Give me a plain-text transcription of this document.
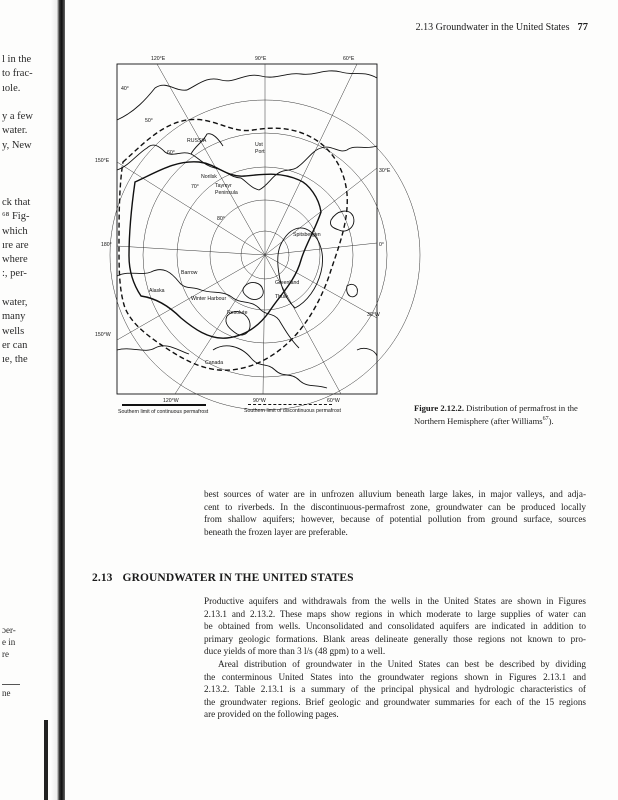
l in the
to frac-
ıole.

y a few
water.
y, New
ck that
⁶⁸ Fig-
which
ıre are
where
:, per-

water,
many
wells
er can
ıe, the
ɔer-
e in
re

ne
2.13 Groundwater in the United States 77
120°E	90°E	60°E
150°E
30°E
180°	0°
150°W
30°W
120°W	90°W	60°W
40°
50°
60°
70°
80°
RUSSIA
Ust
Port
Norilsk
Taymyr
Peninsula
Spitsbergen
Barrow
Greenland
Alaska
Thule
Winter Harbour
Resolute
Canada
Southern limit of continuous permafrost	Southern limit of discontinuous permafrost	Figure 2.12.2. Distribution of permafrost in the Northern Hemisphere (after Williams$^{67}$).
best sources of water are in unfrozen alluvium beneath large lakes, in major valleys, and adja-
cent to riverbeds. In the discontinuous-permafrost zone, groundwater can be produced locally
from shallow aquifers; however, because of potential pollution from ground surface, sources
beneath the frozen layer are preferable.
2.13 GROUNDWATER IN THE UNITED STATES
Productive aquifers and withdrawals from the wells in the United States are shown in Figures
2.13.1 and 2.13.2. These maps show regions in which moderate to large supplies of water can
be obtained from wells. Unconsolidated and consolidated aquifers are indicated in addition to
primary geologic formations. Blank areas delineate generally those regions not known to pro-
duce yields of more than 3 l/s (48 gpm) to a well.
Areal distribution of groundwater in the United States can best be described by dividing
the conterminous United States into the groundwater regions shown in Figures 2.13.1 and
2.13.2. Table 2.13.1 is a summary of the principal physical and hydrologic characteristics of
the groundwater regions. Brief geologic and groundwater summaries for each of the 15 regions
are provided on the following pages.
